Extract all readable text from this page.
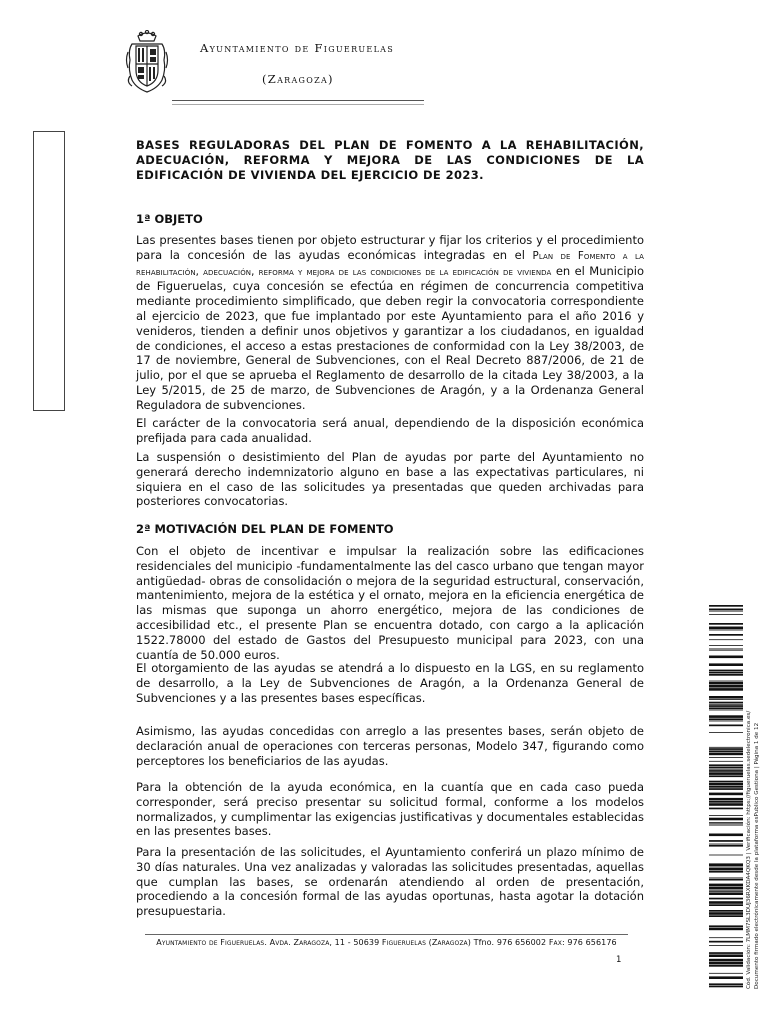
Ayuntamiento de Figueruelas
(Zaragoza)
BASES REGULADORAS DEL PLAN DE FOMENTO A LA REHABILITACIÓN, ADECUACIÓN, REFORMA Y MEJORA DE LAS CONDICIONES DE LA EDIFICACIÓN DE VIVIENDA DEL EJERCICIO DE 2023.
1ª OBJETO
Las presentes bases tienen por objeto estructurar y fijar los criterios y el procedimiento para la concesión de las ayudas económicas integradas en el Plan de Fomento a la rehabilitación, adecuación, reforma y mejora de las condiciones de la edificación de vivienda en el Municipio de Figueruelas, cuya concesión se efectúa en régimen de concurrencia competitiva mediante procedimiento simplificado, que deben regir la convocatoria correspondiente al ejercicio de 2023, que fue implantado por este Ayuntamiento para el año 2016 y venideros, tienden a definir unos objetivos y garantizar a los ciudadanos, en igualdad de condiciones, el acceso a estas prestaciones de conformidad con la Ley 38/2003, de 17 de noviembre, General de Subvenciones, con el Real Decreto 887/2006, de 21 de julio, por el que se aprueba el Reglamento de desarrollo de la citada Ley 38/2003, a la Ley 5/2015, de 25 de marzo, de Subvenciones de Aragón, y a la Ordenanza General Reguladora de subvenciones.
El carácter de la convocatoria será anual, dependiendo de la disposición económica prefijada para cada anualidad.
La suspensión o desistimiento del Plan de ayudas por parte del Ayuntamiento no generará derecho indemnizatorio alguno en base a las expectativas particulares, ni siquiera en el caso de las solicitudes ya presentadas que queden archivadas para posteriores convocatorias.
2ª MOTIVACIÓN DEL PLAN DE FOMENTO
Con el objeto de incentivar e impulsar la realización sobre las edificaciones residenciales del municipio -fundamentalmente las del casco urbano que tengan mayor antigüedad- obras de consolidación o mejora de la seguridad estructural, conservación, mantenimiento, mejora de la estética y el ornato, mejora en la eficiencia energética de las mismas que suponga un ahorro energético, mejora de las condiciones de accesibilidad etc., el presente Plan se encuentra dotado, con cargo a la aplicación 1522.78000 del estado de Gastos del Presupuesto municipal para 2023, con una cuantía de 50.000 euros.
El otorgamiento de las ayudas se atendrá a lo dispuesto en la LGS, en su reglamento de desarrollo, a la Ley de Subvenciones de Aragón, a la Ordenanza General de Subvenciones y a las presentes bases específicas.
Asimismo, las ayudas concedidas con arreglo a las presentes bases, serán objeto de declaración anual de operaciones con terceras personas, Modelo 347, figurando como perceptores los beneficiarios de las ayudas.
Para la obtención de la ayuda económica, en la cuantía que en cada caso pueda corresponder, será preciso presentar su solicitud formal, conforme a los modelos normalizados, y cumplimentar las exigencias justificativas y documentales establecidas en las presentes bases.
Para la presentación de las solicitudes, el Ayuntamiento conferirá un plazo mínimo de 30 días naturales. Una vez analizadas y valoradas las solicitudes presentadas, aquellas que cumplan las bases, se ordenarán atendiendo al orden de presentación, procediendo a la concesión formal de las ayudas oportunas, hasta agotar la dotación presupuestaria.
Ayuntamiento de Figueruelas. Avda. Zaragoza, 11 - 50639 Figueruelas (Zaragoza) Tfno. 976 656002 Fax: 976 656176
1	Cód. Validación: 7LMM7SL3DUJ36RXKDA4QKQ3 | Verificación: https://figueruelas.sedelectronica.es/ Documento firmado electrónicamente desde la plataforma esPublico Gestiona | Página 1 de 12
